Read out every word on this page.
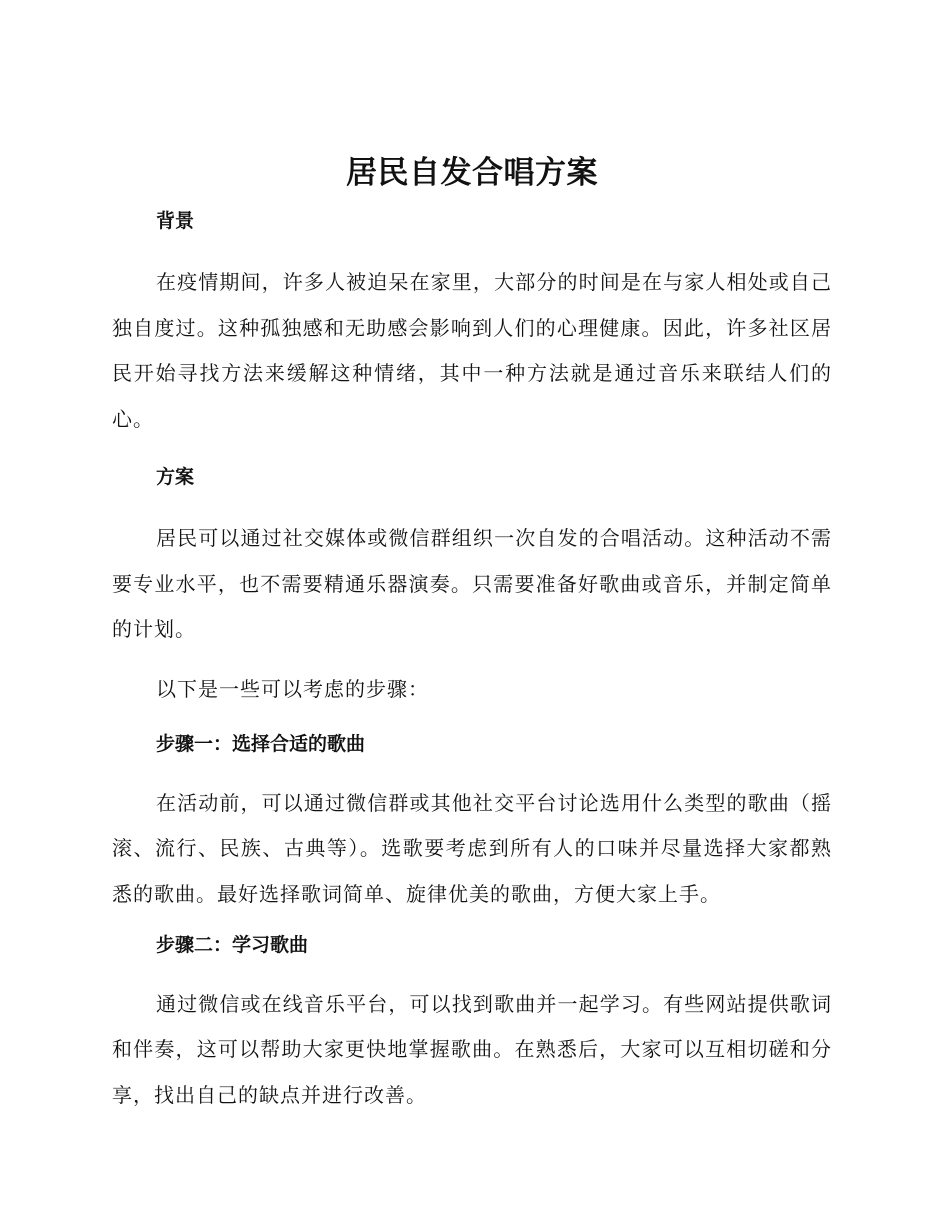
居民自发合唱方案
背景

在疫情期间，许多人被迫呆在家里，大部分的时间是在与家人相处或自己独自度过。这种孤独感和无助感会影响到人们的心理健康。因此，许多社区居民开始寻找方法来缓解这种情绪，其中一种方法就是通过音乐来联结人们的心。

方案

居民可以通过社交媒体或微信群组织一次自发的合唱活动。这种活动不需要专业水平，也不需要精通乐器演奏。只需要准备好歌曲或音乐，并制定简单的计划。

以下是一些可以考虑的步骤：

步骤一：选择合适的歌曲

在活动前，可以通过微信群或其他社交平台讨论选用什么类型的歌曲（摇滚、流行、民族、古典等）。选歌要考虑到所有人的口味并尽量选择大家都熟悉的歌曲。最好选择歌词简单、旋律优美的歌曲，方便大家上手。

步骤二：学习歌曲

通过微信或在线音乐平台，可以找到歌曲并一起学习。有些网站提供歌词和伴奏，这可以帮助大家更快地掌握歌曲。在熟悉后，大家可以互相切磋和分享，找出自己的缺点并进行改善。
